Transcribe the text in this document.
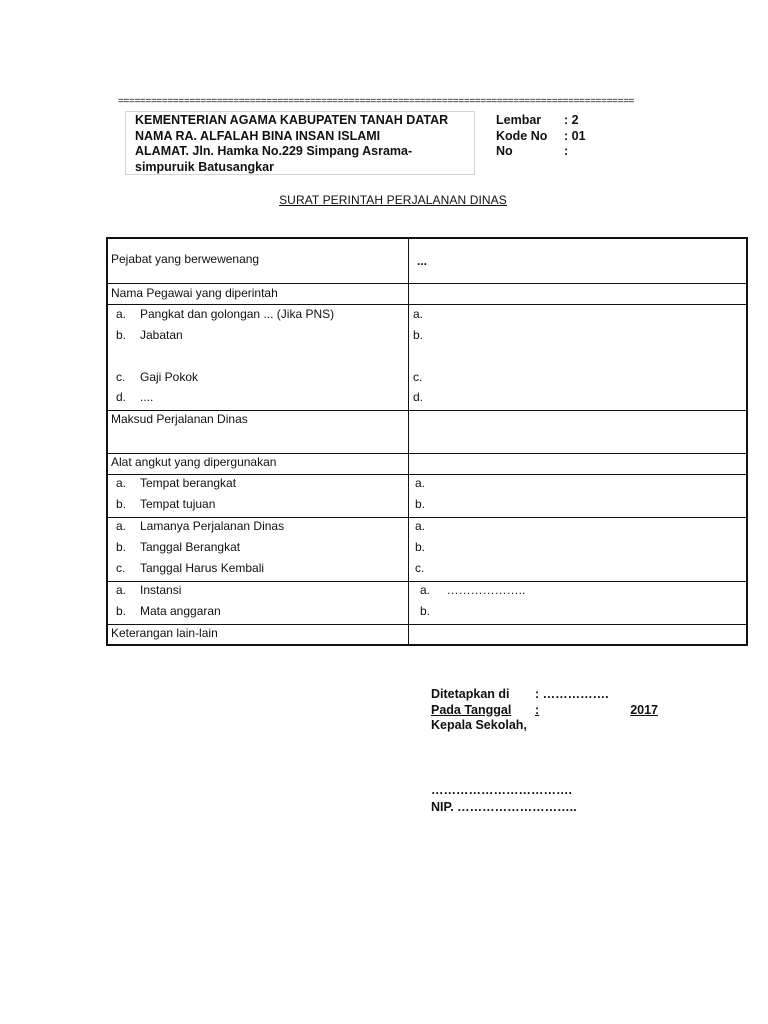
==============================================================================================
KEMENTERIAN AGAMA KABUPATEN TANAH DATAR
NAMA RA. ALFALAH BINA INSAN ISLAMI
ALAMAT. Jln. Hamka No.229 Simpang Asrama-
simpuruik Batusangkar
Lembar	: 2
Kode No	: 01
No	:
SURAT PERINTAH PERJALANAN DINAS
Pejabat yang berwewenang	...
Nama Pegawai yang diperintah
a. Pangkat dan golongan ... (Jika PNS)	a.
b. Jabatan	b.
c. Gaji Pokok	c.
d. ....	d.
Maksud Perjalanan Dinas
Alat angkut yang dipergunakan
a. Tempat berangkat	a.
b. Tempat tujuan	b.
a. Lamanya Perjalanan Dinas	a.
b. Tanggal Berangkat	b.
c. Tanggal Harus Kembali	c.
a. Instansi	a.     ………………..
b. Mata anggaran	b.
Keterangan lain-lain
Ditetapkan di	: …………….
Pada Tanggal	:	2017
Kepala Sekolah,
…………………………….
NIP. ………………………..
